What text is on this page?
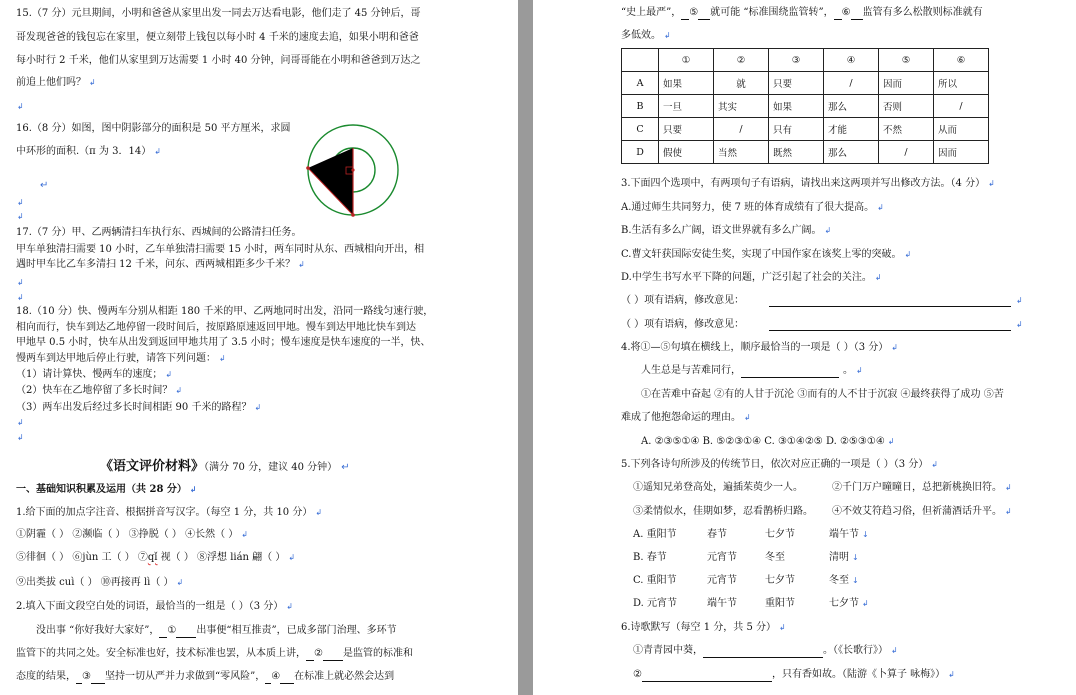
15.（7 分）元旦期间，小明和爸爸从家里出发一同去万达看电影，他们走了 45 分钟后，哥
哥发现爸爸的钱包忘在家里，便立刻带上钱包以每小时 4 千米的速度去追，如果小明和爸爸
每小时行 2 千米，他们从家里到万达需要 1 小时 40 分钟，问哥哥能在小明和爸爸到万达之
前追上他们吗？ ↲
↲
16.（8 分）如图，图中阴影部分的面积是 50 平方厘米，求圆
中环形的面积.（π 为 3．14） ↲
↵
↲
↲
17.（7 分）甲、乙两辆清扫车执行东、西城间的公路清扫任务。
甲车单独清扫需要 10 小时，乙车单独清扫需要 15 小时，两车同时从东、西城相向开出，相
遇时甲车比乙车多清扫 12 千米，问东、西两城相距多少千米？ ↲
↲
↲
18.（10 分）快、慢两车分别从相距 180 千米的甲、乙两地同时出发，沿同一路线匀速行驶，
相向而行，快车到达乙地停留一段时间后，按原路原速返回甲地。慢车到达甲地比快车到达
甲地早 0.5 小时，快车从出发到返回甲地共用了 3.5 小时；慢车速度是快车速度的一半，快、
慢两车到达甲地后停止行驶，请答下列问题： ↲
（1）请计算快、慢两车的速度； ↲
（2）快车在乙地停留了多长时间？ ↲
（3）两车出发后经过多长时间相距 90 千米的路程？ ↲
↲
↲
《语文评价材料》（满分 70 分，建议 40 分钟） ↵
一、基础知识积累及运用（共 28 分） ↲
1.给下面的加点字注音、根据拼音写汉字。（每空 1 分，共 10 分） ↲
①阴霾（ ） ②濒临（ ） ③挣脱（ ） ④长然（ ） ↲
⑤徘徊（ ） ⑥jùn 工（ ） ⑦qǐ 视（ ） ⑧浮想 lián 翩（ ） ↲
⑨出类拔 cuì（ ） ⑩再接再 lì（ ） ↲
2.填入下面文段空白处的词语，最恰当的一组是（ ）（3 分） ↲
没出事 “你好我好大家好”， ① 出事便“相互推责”，已成多部门治理、多环节
监管下的共同之处。安全标准也好，技术标准也罢，从本质上讲， ② 是监管的标准和
态度的结果， ③ 坚持一切从严并力求做到“零风险”， ④ 在标准上就必然会达到
“史上最严”， ⑤ 就可能 “标准围绕监管转”， ⑥ 监管有多么松散则标准就有
多低效。 ↲
	①	②	③	④	⑤	⑥
A	如果	就	只要	/	因而	所以
B	一旦	其实	如果	那么	否则	/
C	只要	/	只有	才能	不然	从而
D	假使	当然	既然	那么	/	因而
3.下面四个选项中，有两项句子有语病，请找出来这两项并写出修改方法。（4 分） ↲
A.通过师生共同努力，使 7 班的体育成绩有了很大提高。 ↲
B.生活有多么广阔，语文世界就有多么广阔。 ↲
C.曹文轩获国际安徒生奖，实现了中国作家在该奖上零的突破。 ↲
D.中学生书写水平下降的问题，广泛引起了社会的关注。 ↲
（ ）项有语病，修改意见：	↲
（ ）项有语病，修改意见：	↲
4.将①—⑤句填在横线上，顺序最恰当的一项是（ ）（3 分） ↲
人生总是与苦难同行，	。 ↲
①在苦难中奋起 ②有的人甘于沉沦 ③而有的人不甘于沉寂 ④最终获得了成功 ⑤苦
难成了他抱怨命运的理由。 ↲
A. ②③⑤①④ B. ⑤②③①④ C. ③①④②⑤ D. ②⑤③①④ ↲
5.下列各诗句所涉及的传统节日，依次对应正确的一项是（ ）（3 分） ↲
①遥知兄弟登高处，遍插茱萸少一人。	②千门万户曈曈日，总把新桃换旧符。 ↲
③柔情似水，佳期如梦，忍看鹊桥归路。 ④不效艾符趋习俗，但祈蒲酒话升平。 ↲
A. 重阳节	春节	七夕节	端午节 ↓
B. 春节	元宵节	冬至	清明 ↓
C. 重阳节	元宵节	七夕节	冬至 ↓
D. 元宵节	端午节	重阳节	七夕节 ↲
6.诗歌默写（每空 1 分，共 5 分） ↲
①青青园中葵，	。（《长歌行》） ↲
②	，只有香如故。（陆游《卜算子 咏梅》） ↲
